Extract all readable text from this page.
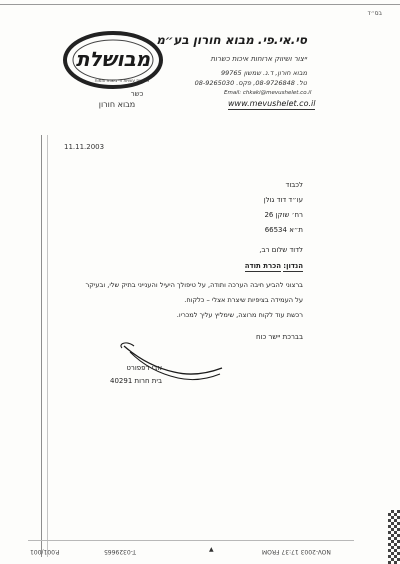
בס״ד
מבושלת
ארוחות עשויות פי בשבת וחמות
כשר
מבוא חורון
סי.אי.פי. מבוא חורון בע״מ
ייצור ושיווק ארוחות איכות כשרות
מבוא חורון, ד.נ. שמשון 99765
טל. 08-9726848, פקס. 08-9265030
Email: chkaki@mevushelet.co.il
www.mevushelet.co.il
11.11.2003
לכבוד
עו״ד דוד גולן
רח׳ שוקן 26
ת״א 66534
לדוד שלום רב,
הנדון: הכרת תודה
ברצוני להביע חיבה הערכה ותודה, על טיפולך היעיל והענייני בתיק שלי, ובעיקר
על העמידה בציפיות שיצרת אצלי – כלקוח.
רכשת עוד לקוח מרוצה, שימליץ עליך למכריו.
בברכת יישר כוח
אבי רפפורט
בית חרות 40291
P.001/001	T-0329665	NOV-2003 17:37 FROM
▲
